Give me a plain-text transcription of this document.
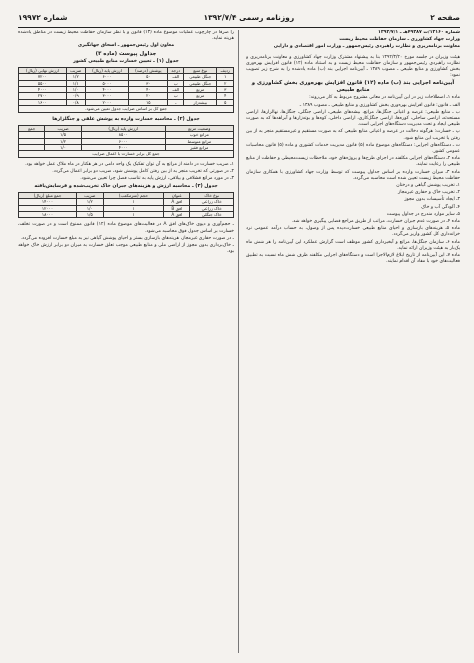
صفحه ۲
روزنامه رسمی ۱۳۹۲/۷/۴
شماره ۱۹۹۷۲

شماره ۱۲۱۶۰/ت ۴۹۳۸۷هـ ـ ۱۳۹۲/۷/۱

وزارت جهاد کشاورزی ـ سازمان حفاظت محیط زیست

معاونت برنامه‌ریزی و نظارت راهبردی رئیس‌جمهور ـ وزارت امور اقتصادی و دارایی

هیئت وزیران در جلسه مورخ ۱۳۹۲/۳/۲۰ بنا به پیشنهاد مشترک وزارت جهاد کشاورزی و معاونت برنامه‌ریزی و نظارت راهبردی رئیس‌جمهور و سازمان حفاظت محیط زیست و به استناد ماده (۱۲) قانون افزایش بهره‌وری بخش کشاورزی و منابع طبیعی ـ مصوب ۱۳۸۹ ـ آیین‌نامه اجرایی بند (ب) ماده یادشده را به شرح زیر تصویب نمود:

آیین‌نامه اجرایی بند (ب) ماده (۱۲) قانون افزایش بهره‌وری بخش کشاورزی و منابع طبیعی

ماده ۱ـ اصطلاحات زیر در این آیین‌نامه در معانی مشروح مربوط به کار می‌روند:

الف ـ قانون: قانون افزایش بهره‌وری بخش کشاورزی و منابع طبیعی ـ مصوب ۱۳۸۹ ـ

ب ـ منابع طبیعی: عرصه و اعیانی جنگل‌ها، مراتع، بیشه‌های طبیعی، اراضی جنگلی، جنگل‌ها، نهالزارها، اراضی مستحدثه، اراضی ساحلی، کوره‌ها، اراضی جنگل‌کاری، اراضی داخلی، کوه‌ها و بوته‌زارها و آبراهه‌ها که به صورت طبیعی ایجاد و تحت مدیریت دستگاه‌های اجرایی است.

پ ـ خسارت: هرگونه دخالت در عرصه و اعیانی منابع طبیعی که به صورت مستقیم و غیرمستقیم منجر به از بین رفتن یا تخریب این منابع شود.

ت ـ دستگاه‌های اجرایی: دستگاه‌های موضوع ماده (۵) قانون مدیریت خدمات کشوری و ماده (۵) قانون محاسبات عمومی کشور.

ماده ۲ـ دستگاه‌های اجرایی مکلفند در اجرای طرح‌ها و پروژه‌های خود، ملاحظات زیست‌محیطی و حفاظت از منابع طبیعی را رعایت نمایند.

ماده ۳ـ میزان خسارت وارده بر اساس جداول پیوست که توسط وزارت جهاد کشاورزی با همکاری سازمان حفاظت محیط زیست تعیین شده است محاسبه می‌گردد.

۱ـ تخریب پوشش گیاهی و درختان

۲ـ تخریب خاک و حفاری غیرمجاز

۳ـ ایجاد تأسیسات بدون مجوز

۴ـ آلودگی آب و خاک

۵ـ سایر موارد مندرج در جداول پیوست

ماده ۴ـ در صورت عدم جبران خسارت، مراتب از طریق مراجع قضایی پیگیری خواهد شد.

ماده ۵ـ هزینه‌های بازسازی و احیای منابع طبیعی خسارت‌دیده پس از وصول، به حساب درآمد عمومی نزد خزانه‌داری کل کشور واریز می‌گردد.

ماده ۶ـ سازمان جنگل‌ها، مراتع و آبخیزداری کشور موظف است گزارش عملکرد این آیین‌نامه را هر شش ماه یک‌بار به هیئت وزیران ارائه نماید.

ماده ۷ـ این آیین‌نامه از تاریخ ابلاغ لازم‌الاجرا است و دستگاه‌های اجرایی مکلفند ظرف شش ماه نسبت به تطبیق فعالیت‌های خود با مفاد آن اقدام نمایند.

را صرفاً در چارچوب عملیات موضوع ماده (۱۳) قانون و با نظر سازمان حفاظت محیط زیست در مناطق یادشده هزینه نماید.

معاون اول رئیس‌جمهور ـ اسحاق جهانگیری

جداول پیوست (ماده ۳)

جدول (۱) ـ تعیین خسارت منابع طبیعی کشور

ردیف	نوع منبع	درجه	پوشش (درصد)	ارزش پایه (ریال)	ضریب	ارزش نهایی (ریال)
۱	جنگل طبیعی	الف	۵۰	۶۰۰۰	۱/۲	۷۲۰۰
۲	جنگل طبیعی	ب	۳۰	۵۰۰۰	۱/۱	۵۵۰۰
۳	مرتع	الف	۴۰	۴۰۰۰	۱/۰	۴۰۰۰
۴	مرتع	ب	۲۰	۳۰۰۰	۰/۹	۲۷۰۰
۵	بیشه‌زار	ـ	۱۵	۲۰۰۰	۰/۸	۱۶۰۰
جمع کل بر اساس ضرایب جدول تعیین می‌شود.						

جدول (۲) ـ محاسبه خسارت وارده به پوشش علفی و جنگلزارها

وضعیت مرتع	ارزش پایه (ریال)	ضریب	جمع
مراتع خوب	۸۵۰۰	۱/۵	
مراتع متوسط	۶۰۰۰	۱/۲	
مراتع فقیر	۴۰۰۰	۱/۰	
جمع کل برابر خسارت با اعمال ضرایب			

۱ـ ضریب خسارت در دامنه از مراتع به آن توان تفکیک یک واحد دامی در هر هکتار در ماه ملاک عمل خواهد بود.

۲ـ در صورتی که تخریب منجر به از بین رفتن کامل پوشش شود، ضریب دو برابر اعمال می‌گردد.

۳ـ در مورد مراتع قشلاقی و ییلاقی، ارزش پایه به تناسب فصل چرا تعیین می‌شود.

جدول (۳) ـ محاسبه ارزش و هزینه‌های جبران خاک تخریب‌شده و فرسایش‌یافته

نوع خاک	عنوان	حجم (مترمکعب)	ضریب	جمع مبلغ (ریال)
خاک زراعی	افق A	۱	۱/۲	۱۴۰۰۰
خاک زراعی	افق B	۱	۱/۰	۱۲۰۰۰
خاک جنگلی	افق A	۱	۱/۵	۱۸۰۰۰

ـ حجم‌آوری و دپوی خاک‌های افق A در فعالیت‌های موضوع ماده (۱۲) قانون ممنوع است و در صورت تخلف، خسارت بر اساس جدول فوق محاسبه می‌شود.

ـ در صورت حفاری غیرمجاز، هزینه‌های بازسازی بستر و احیای پوشش گیاهی نیز به مبلغ خسارت افزوده می‌گردد.

ـ خاک‌برداری بدون مجوز از اراضی ملی و منابع طبیعی موجب تعلق خسارت به میزان دو برابر ارزش خاک خواهد بود.
